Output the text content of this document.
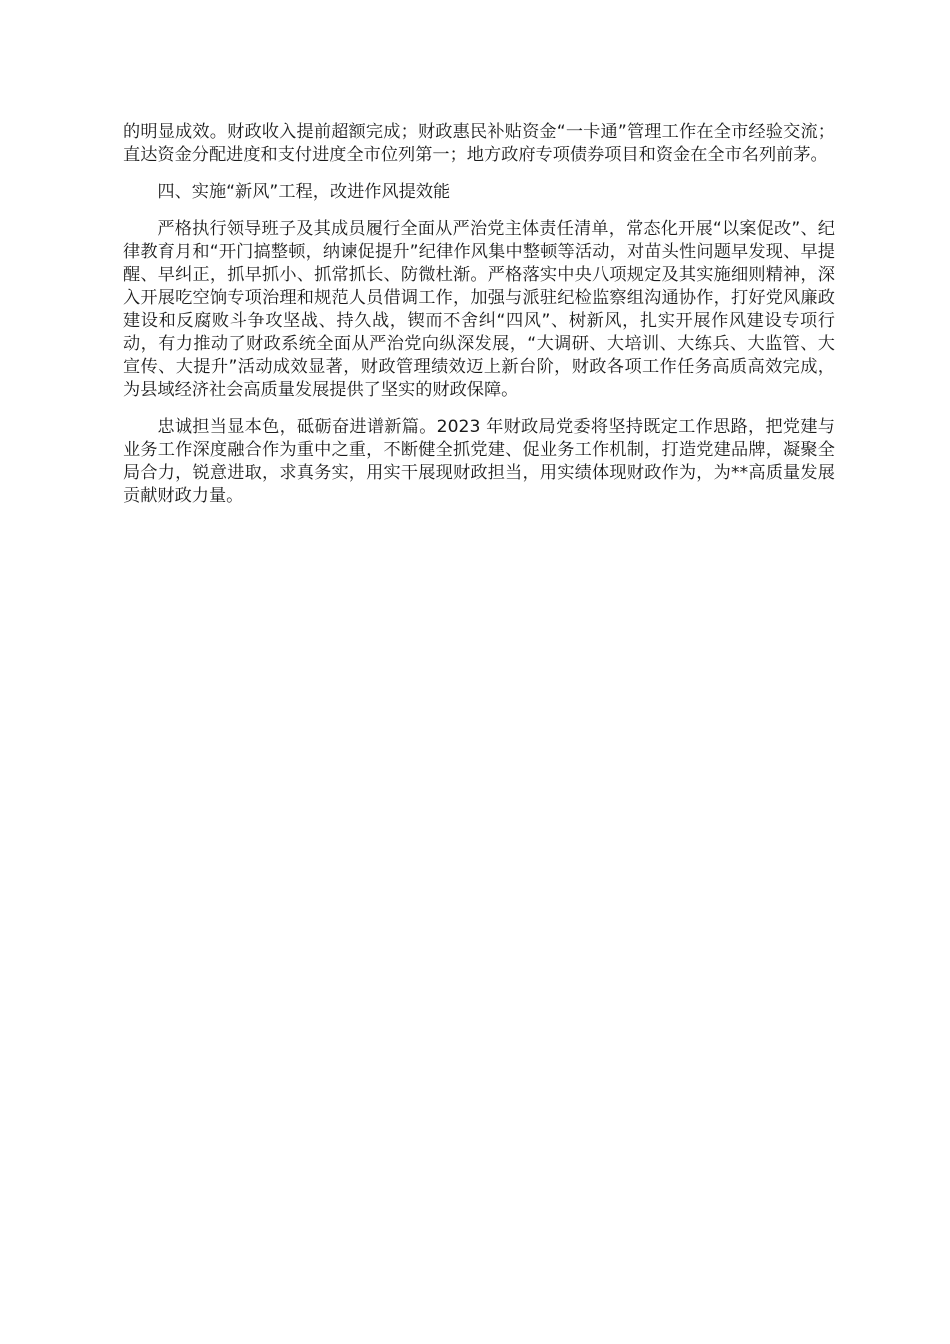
的明显成效。财政收入提前超额完成；财政惠民补贴资金“一卡通”管理工作在全市经验交流；直达资金分配进度和支付进度全市位列第一；地方政府专项债券项目和资金在全市名列前茅。

四、实施“新风”工程，改进作风提效能

严格执行领导班子及其成员履行全面从严治党主体责任清单，常态化开展“以案促改”、纪律教育月和“开门搞整顿，纳谏促提升”纪律作风集中整顿等活动，对苗头性问题早发现、早提醒、早纠正，抓早抓小、抓常抓长、防微杜渐。严格落实中央八项规定及其实施细则精神，深入开展吃空饷专项治理和规范人员借调工作，加强与派驻纪检监察组沟通协作，打好党风廉政建设和反腐败斗争攻坚战、持久战，锲而不舍纠“四风”、树新风，扎实开展作风建设专项行动，有力推动了财政系统全面从严治党向纵深发展，“大调研、大培训、大练兵、大监管、大宣传、大提升”活动成效显著，财政管理绩效迈上新台阶，财政各项工作任务高质高效完成，为县域经济社会高质量发展提供了坚实的财政保障。

忠诚担当显本色，砥砺奋进谱新篇。2023 年财政局党委将坚持既定工作思路，把党建与业务工作深度融合作为重中之重，不断健全抓党建、促业务工作机制，打造党建品牌，凝聚全局合力，锐意进取，求真务实，用实干展现财政担当，用实绩体现财政作为，为**高质量发展贡献财政力量。
